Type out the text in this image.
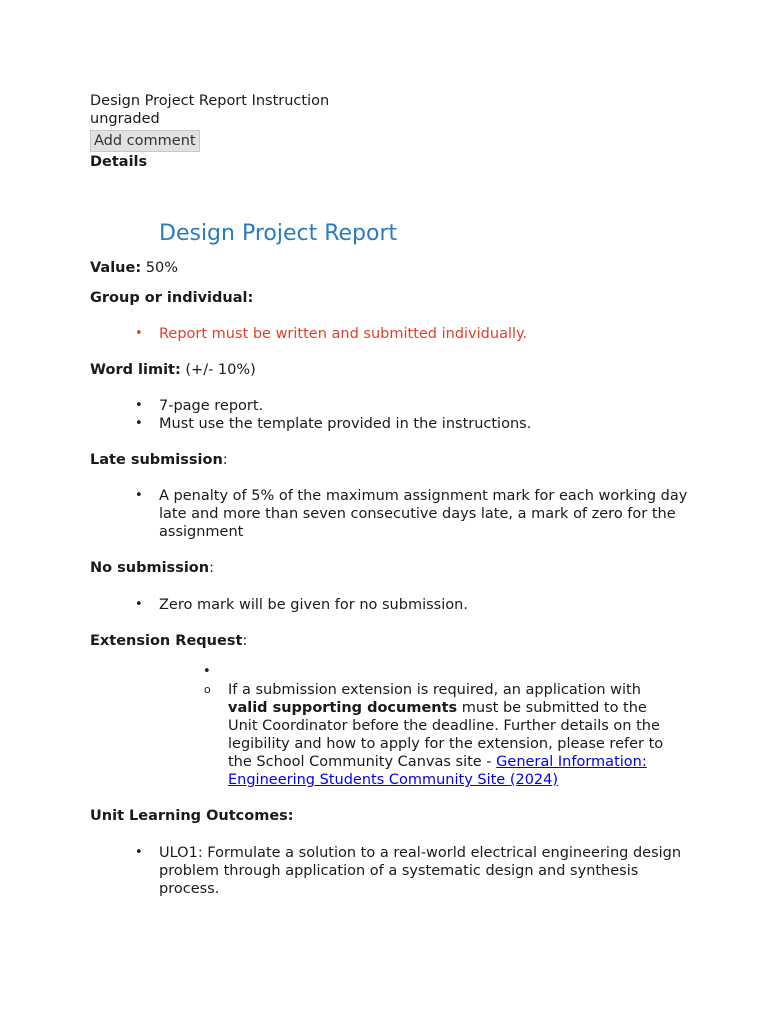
Design Project Report Instruction
ungraded
Add comment
Details
Design Project Report
Value: 50%
Group or individual:
• Report must be written and submitted individually.
Word limit: (+/- 10%)
• 7-page report.
• Must use the template provided in the instructions.
Late submission:
• A penalty of 5% of the maximum assignment mark for each working day late and more than seven consecutive days late, a mark of zero for the assignment
No submission:
• Zero mark will be given for no submission.
Extension Request:
•
o If a submission extension is required, an application with valid supporting documents must be submitted to the Unit Coordinator before the deadline. Further details on the legibility and how to apply for the extension, please refer to the School Community Canvas site - General Information: Engineering Students Community Site (2024)
Unit Learning Outcomes:
• ULO1: Formulate a solution to a real-world electrical engineering design problem through application of a systematic design and synthesis process.
